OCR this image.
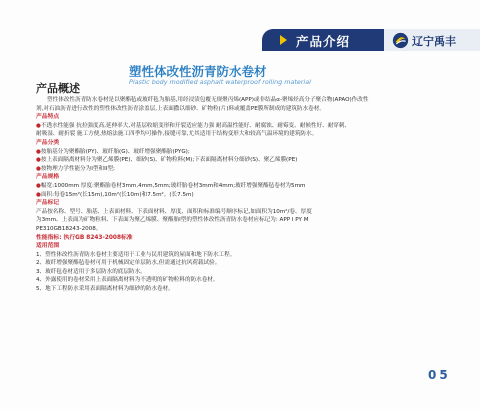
产品介绍	辽宁禹丰
塑性体改性沥青防水卷材
Plastic body modified asphalt waterproof rolling material
产品概述

塑性体改性沥青防水卷材是以聚酯毡或玻纤毡为胎基,用经浸渍包覆无规聚丙烯(APP)或非结晶α-聚烯烃高分子聚合物(APAO)作改性

剂,对石油沥青进行改性的塑性体改性沥青涂盖层,上表面撒以细砂、矿物粒(片)料或覆盖PE膜所制成的建筑防水卷材。

产品特点

●不透水性能强 抗拉强度高,延伸率大,对基层收缩变形和开裂适应能力强 耐高温性能好、耐腐蚀、耐霉变、耐候性好、耐穿刺、

耐吸湿、耐折裂 施工方便,热熔法施工四季均可操作,接缝可靠,尤其适用于结构变形大和较高气温环境的建筑防水。

产品分类

●按胎基分为聚酯胎(PY)、玻纤胎(G)、玻纤增强聚酯胎(PYG);

●按上表面隔离材料分为聚乙烯膜(PE)、细砂(S)、矿物粒料(M);下表面隔离材料分细砂(S)、聚乙烯膜(PE)

●按物理力学性能分为I型和II型;

产品规格

●幅宽:1000mm 厚度:聚酯胎卷材3mm,4mm,5mm;玻纤胎卷材3mm和4mm;玻纤增强聚酯毡卷材为5mm

●面积:每卷15m²(长15m),10m²(长10m)和7.5m²。(长7.5m)

产品标记

产品按名称、型号、胎基、上表面材料、下表面材料、厚度、面积和标准编号顺序标记,如面积为10m²/卷、厚度

为3mm、上表面为矿物粒料、下表面为聚乙烯膜、聚酯胎I型的塑性体改性沥青防水卷材应标记为: APP I PY M

PE310GB18243-2008。

性能指标: 执行GB 8243-2008标准

适用范围

1、塑性体改性沥青防水卷材主要适用于工业与民用建筑的屋面和地下防水工程。

2、玻纤增强聚酯毡卷材可用于机械固定单层防水,但需通过抗风荷载试验。

3、玻纤毡卷材适用于多层防水的底层防水。

4、外露使用的卷材采用上表面隔离材料为不透明的矿物粒料的防水卷材。

5、地下工程防水采用表面隔离材料为细砂的防水卷材。

05
